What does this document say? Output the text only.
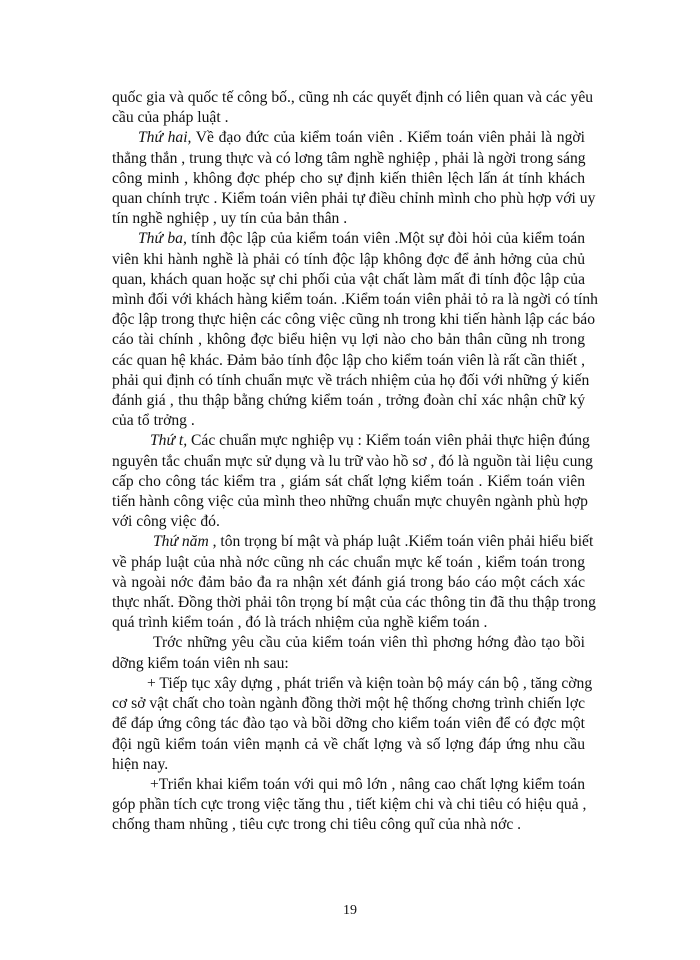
quốc gia và quốc tế công bố., cũng nh các quyết định có liên quan và các yêu
cầu của pháp luật .
Thứ hai, Về đạo đức của kiểm toán viên . Kiểm toán viên phải là ngời
thẳng thắn , trung thực và có lơng tâm nghề nghiệp , phải là ngời trong sáng
công minh , không đợc phép cho sự định kiến thiên lệch lấn át tính khách
quan chính trực . Kiểm toán viên phải tự điều chỉnh mình cho phù hợp với uy
tín nghề nghiệp , uy tín của bản thân .
Thứ ba, tính độc lập của kiểm toán viên .Một sự đòi hỏi của kiểm toán
viên khi hành nghề là phải có tính độc lập không đợc để ảnh hởng của chủ
quan, khách quan hoặc sự chi phối của vật chất làm mất đi tính độc lập của
mình đối với khách hàng kiểm toán. .Kiểm toán viên phải tỏ ra là ngời có tính
độc lập trong thực hiện các công việc cũng nh trong khi tiến hành lập các báo
cáo tài chính , không đợc biểu hiện vụ lợi nào cho bản thân cũng nh trong
các quan hệ khác. Đảm bảo tính độc lập cho kiểm toán viên là rất cần thiết ,
phải qui định có tính chuẩn mực về trách nhiệm của họ đối với những ý kiến
đánh giá , thu thập bằng chứng kiểm toán , trởng đoàn chỉ xác nhận chữ ký
của tổ trởng .
Thứ t, Các chuẩn mực nghiệp vụ : Kiểm toán viên phải thực hiện đúng
nguyên tắc chuẩn mực sử dụng và lu trữ vào hồ sơ , đó là nguồn tài liệu cung
cấp cho công tác kiểm tra , giám sát chất lợng kiểm toán . Kiểm toán viên
tiến hành công việc của mình theo những chuẩn mực chuyên ngành phù hợp
với công việc đó.
Thứ năm , tôn trọng bí mật và pháp luật .Kiểm toán viên phải hiểu biết
về pháp luật của nhà nớc cũng nh các chuẩn mực kế toán , kiểm toán trong
và ngoài nớc đảm bảo đa ra nhận xét đánh giá trong báo cáo một cách xác
thực nhất. Đồng thời phải tôn trọng bí mật của các thông tin đã thu thập trong
quá trình kiểm toán , đó là trách nhiệm của nghề kiểm toán .
Trớc những yêu cầu của kiểm toán viên thì phơng hớng đào tạo bồi
dỡng kiểm toán viên nh sau:
+ Tiếp tục xây dựng , phát triển và kiện toàn bộ máy cán bộ , tăng cờng
cơ sở vật chất cho toàn ngành đồng thời một hệ thống chơng trình chiến lợc
để đáp ứng công tác đào tạo và bồi dỡng cho kiểm toán viên để có đợc một
đội ngũ kiểm toán viên mạnh cả về chất lợng và số lợng đáp ứng nhu cầu
hiện nay.
+Triển khai kiểm toán với qui mô lớn , nâng cao chất lợng kiểm toán
góp phần tích cực trong việc tăng thu , tiết kiệm chi và chi tiêu có hiệu quả ,
chống tham nhũng , tiêu cực trong chi tiêu công quĩ của nhà nớc .
19
